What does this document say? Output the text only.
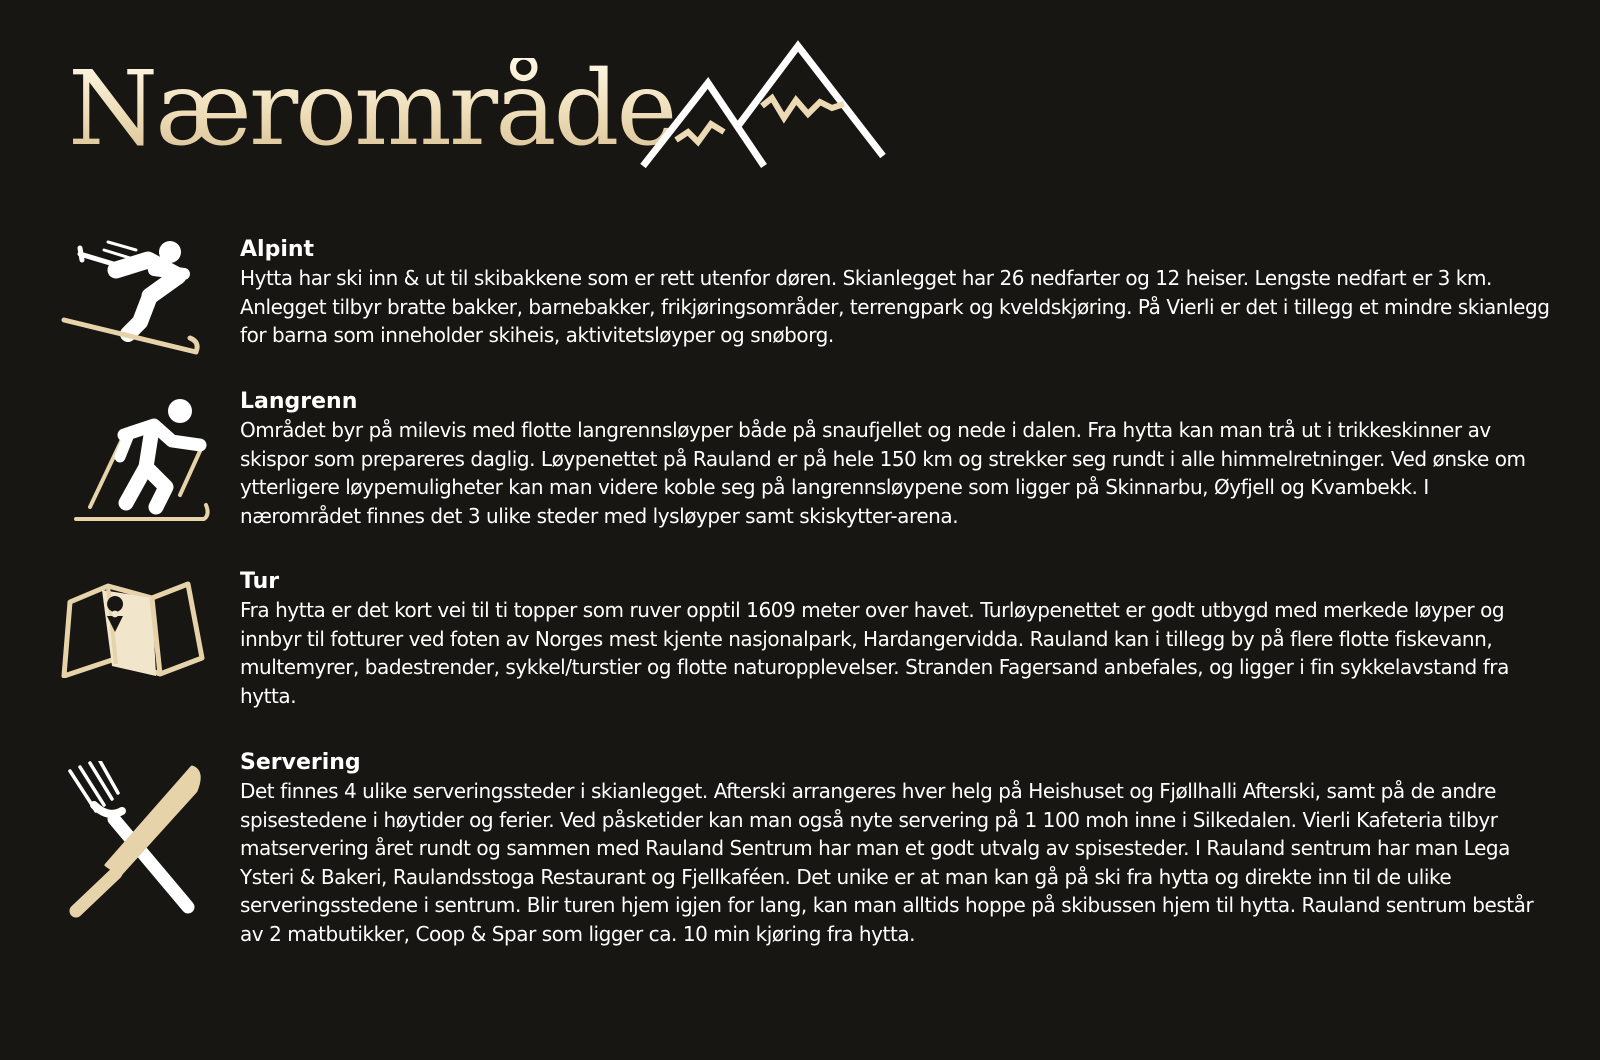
Nærområde
Alpint

Hytta har ski inn & ut til skibakkene som er rett utenfor døren. Skianlegget har 26 nedfarter og 12 heiser. Lengste nedfart er 3 km. Anlegget tilbyr bratte bakker, barnebakker, frikjøringsområder, terrengpark og kveldskjøring. På Vierli er det i tillegg et mindre skianlegg for barna som inneholder skiheis, aktivitetsløyper og snøborg.

Langrenn

Området byr på milevis med flotte langrennsløyper både på snaufjellet og nede i dalen. Fra hytta kan man trå ut i trikkeskinner av skispor som prepareres daglig. Løypenettet på Rauland er på hele 150 km og strekker seg rundt i alle himmelretninger. Ved ønske om ytterligere løypemuligheter kan man videre koble seg på langrennsløypene som ligger på Skinnarbu, Øyfjell og Kvambekk. I nærområdet finnes det 3 ulike steder med lysløyper samt skiskytter-arena.

Tur

Fra hytta er det kort vei til ti topper som ruver opptil 1609 meter over havet. Turløypenettet er godt utbygd med merkede løyper og innbyr til fotturer ved foten av Norges mest kjente nasjonalpark, Hardangervidda. Rauland kan i tillegg by på flere flotte fiskevann, multemyrer, badestrender, sykkel/turstier og flotte naturopplevelser. Stranden Fagersand anbefales, og ligger i fin sykkelavstand fra hytta.

Servering

Det finnes 4 ulike serveringssteder i skianlegget. Afterski arrangeres hver helg på Heishuset og Fjøllhalli Afterski, samt på de andre spisestedene i høytider og ferier. Ved påsketider kan man også nyte servering på 1 100 moh inne i Silkedalen. Vierli Kafeteria tilbyr matservering året rundt og sammen med Rauland Sentrum har man et godt utvalg av spisesteder. I Rauland sentrum har man Lega Ysteri & Bakeri, Raulandsstoga Restaurant og Fjellkaféen. Det unike er at man kan gå på ski fra hytta og direkte inn til de ulike serveringsstedene i sentrum. Blir turen hjem igjen for lang, kan man alltids hoppe på skibussen hjem til hytta. Rauland sentrum består av 2 matbutikker, Coop & Spar som ligger ca. 10 min kjøring fra hytta.
